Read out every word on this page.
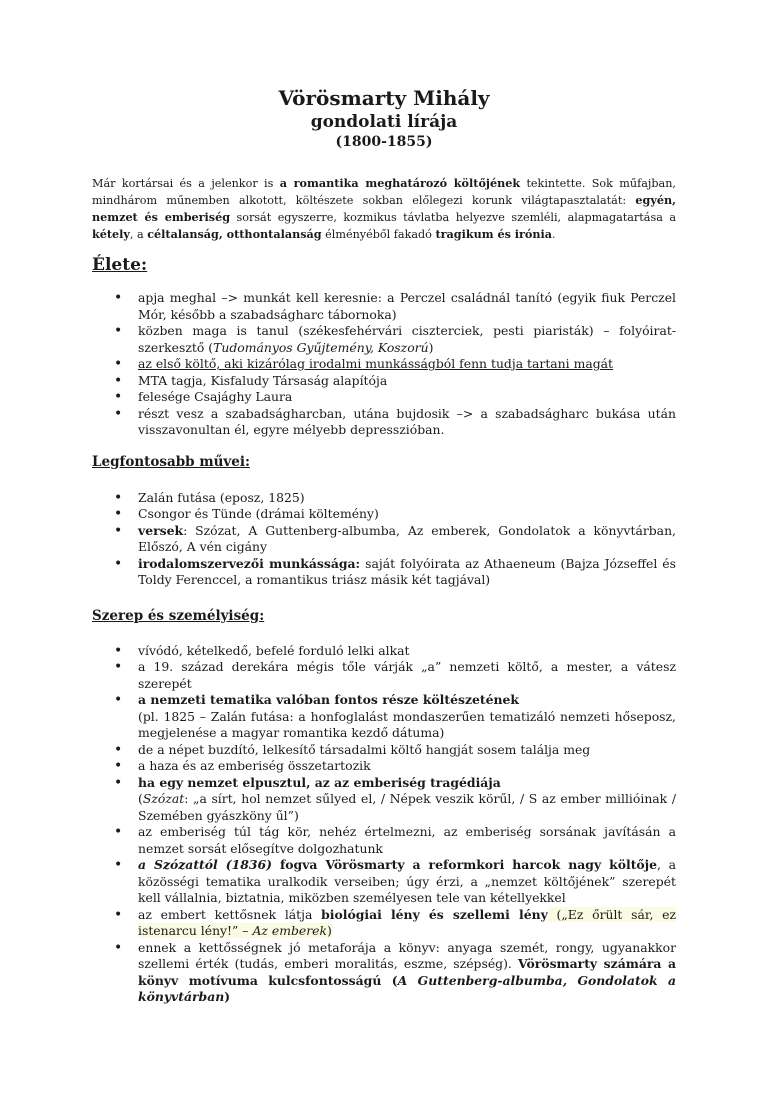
Vörösmarty Mihály
gondolati lírája
(1800-1855)

Már kortársai és a jelenkor is a romantika meghatározó költőjének tekintette. Sok műfajban, mindhárom műnemben alkotott, költészete sokban előlegezi korunk világtapasztalatát: egyén, nemzet és emberiség sorsát egyszerre, kozmikus távlatba helyezve szemléli, alapmagatartása a kétely, a céltalanság, otthontalanság élményéből fakadó tragikum és irónia.

Élete:
• apja meghal –> munkát kell keresnie: a Perczel családnál tanító (egyik fiuk Perczel Mór, később a szabadságharc tábornoka)
• közben maga is tanul (székesfehérvári ciszterciek, pesti piaristák) – folyóirat-szerkesztő (Tudományos Gyűjtemény, Koszorú)
• az első költő, aki kizárólag irodalmi munkásságból fenn tudja tartani magát
• MTA tagja, Kisfaludy Társaság alapítója
• felesége Csajághy Laura
• részt vesz a szabadságharcban, utána bujdosik –> a szabadságharc bukása után visszavonultan él, egyre mélyebb depresszióban.
Legfontosabb művei:
• Zalán futása (eposz, 1825)
• Csongor és Tünde (drámai költemény)
• versek: Szózat, A Guttenberg-albumba, Az emberek, Gondolatok a könyvtárban, Előszó, A vén cigány
• irodalomszervezői munkássága: saját folyóirata az Athaeneum (Bajza Józseffel és Toldy Ferenccel, a romantikus triász másik két tagjával)
Szerep és személyiség:
• vívódó, kételkedő, befelé forduló lelki alkat
• a 19. század derekára mégis tőle várják „a” nemzeti költő, a mester, a vátesz szerepét
• a nemzeti tematika valóban fontos része költészetének
(pl. 1825 – Zalán futása: a honfoglalást mondaszerűen tematizáló nemzeti hőseposz, megjelenése a magyar romantika kezdő dátuma)
• de a népet buzdító, lelkesítő társadalmi költő hangját sosem találja meg
• a haza és az emberiség összetartozik
• ha egy nemzet elpusztul, az az emberiség tragédiája
(Szózat: „a sírt, hol nemzet sűlyed el, / Népek veszik körűl, / S az ember millióinak / Szemében gyászköny űl”)
• az emberiség túl tág kör, nehéz értelmezni, az emberiség sorsának javításán a nemzet sorsát elősegítve dolgozhatunk
• a Szózattól (1836) fogva Vörösmarty a reformkori harcok nagy költője, a közösségi tematika uralkodik verseiben; úgy érzi, a „nemzet költőjének” szerepét kell vállalnia, biztatnia, miközben személyesen tele van kétellyekkel
• az embert kettősnek látja biológiai lény és szellemi lény („Ez őrült sár, ez istenarcu lény!” – Az emberek)
• ennek a kettősségnek jó metaforája a könyv: anyaga szemét, rongy, ugyanakkor szellemi érték (tudás, emberi moralitás, eszme, szépség). Vörösmarty számára a könyv motívuma kulcsfontosságú (A Guttenberg-albumba, Gondolatok a könyvtárban)
